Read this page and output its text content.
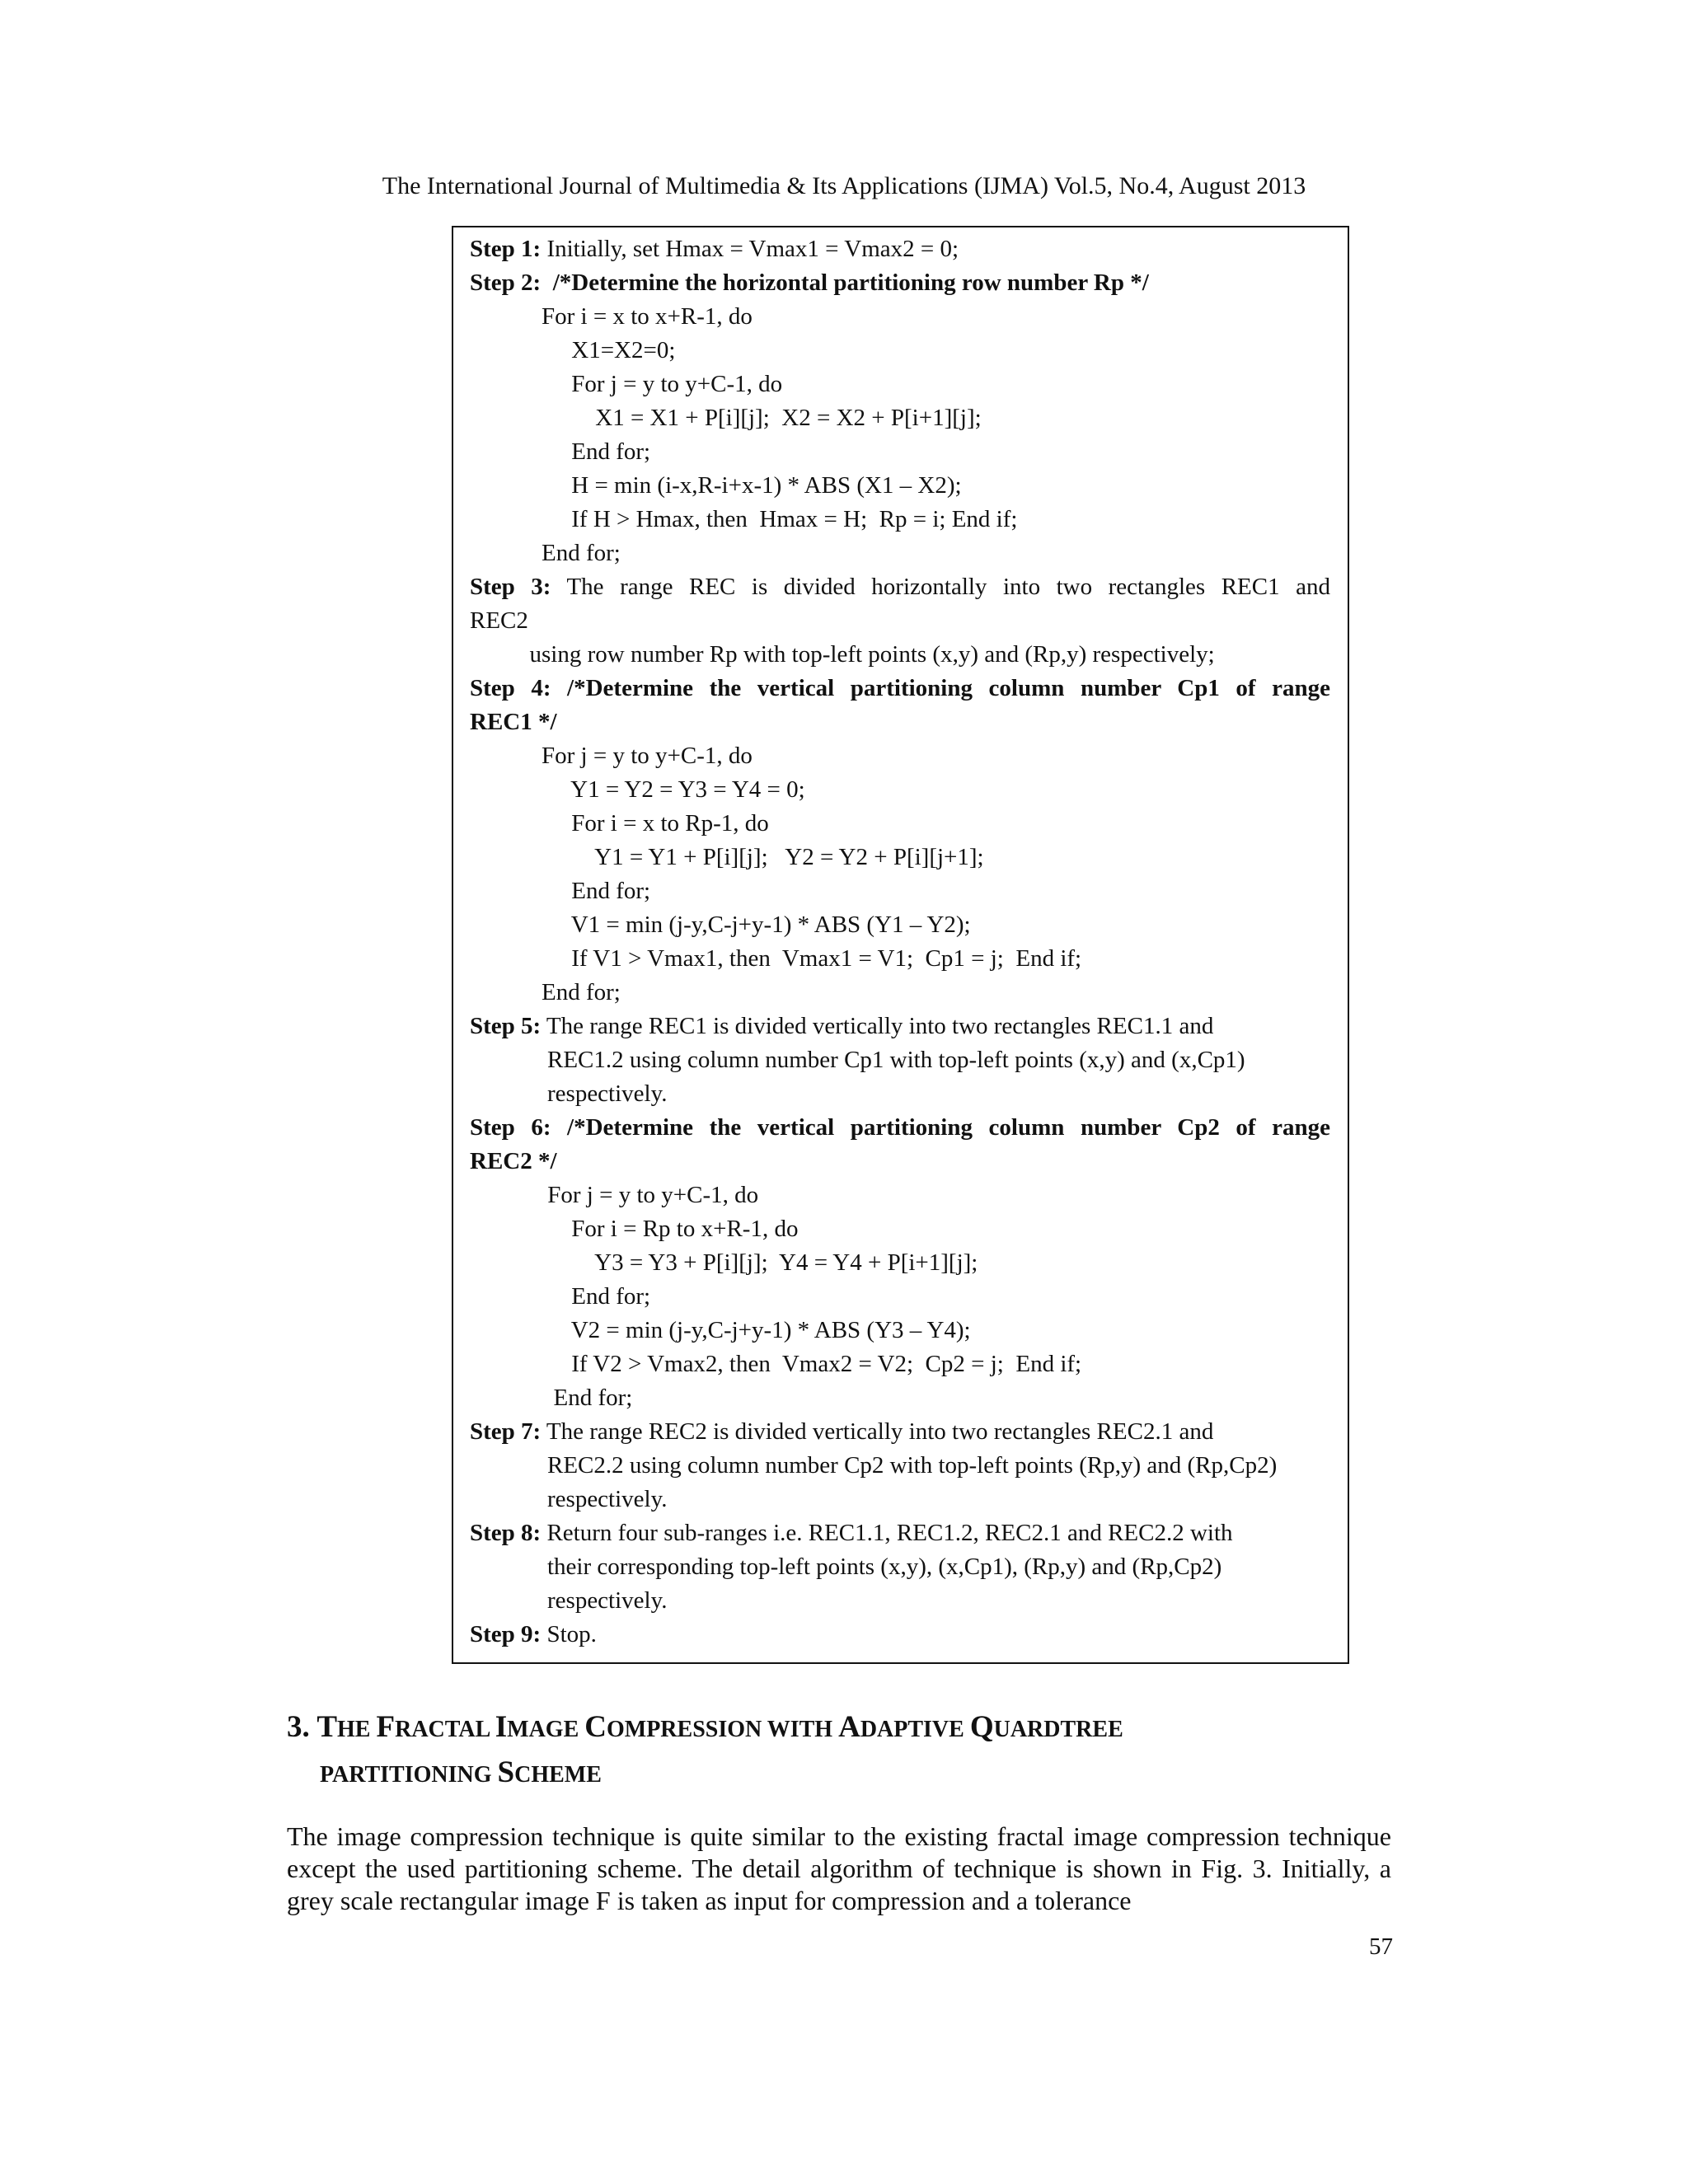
The International Journal of Multimedia & Its Applications (IJMA) Vol.5, No.4, August 2013
Step 1: Initially, set Hmax = Vmax1 = Vmax2 = 0;
Step 2:  /*Determine the horizontal partitioning row number Rp */
For i = x to x+R-1, do
X1=X2=0;
For j = y to y+C-1, do
X1 = X1 + P[i][j];  X2 = X2 + P[i+1][j];
End for;
H = min (i-x,R-i+x-1) * ABS (X1 – X2);
If H > Hmax, then  Hmax = H;  Rp = i; End if;
End for;
Step 3: The range REC is divided horizontally into two rectangles REC1 and
REC2
using row number Rp with top-left points (x,y) and (Rp,y) respectively;
Step 4: /*Determine the vertical partitioning column number Cp1 of range
REC1 */
For j = y to y+C-1, do
Y1 = Y2 = Y3 = Y4 = 0;
For i = x to Rp-1, do
Y1 = Y1 + P[i][j];   Y2 = Y2 + P[i][j+1];
End for;
V1 = min (j-y,C-j+y-1) * ABS (Y1 – Y2);
If V1 > Vmax1, then  Vmax1 = V1;  Cp1 = j;  End if;
End for;
Step 5: The range REC1 is divided vertically into two rectangles REC1.1 and
REC1.2 using column number Cp1 with top-left points (x,y) and (x,Cp1) respectively.
Step 6: /*Determine the vertical partitioning column number Cp2 of range
REC2 */
For j = y to y+C-1, do
For i = Rp to x+R-1, do
Y3 = Y3 + P[i][j];  Y4 = Y4 + P[i+1][j];
End for;
V2 = min (j-y,C-j+y-1) * ABS (Y3 – Y4);
If V2 > Vmax2, then  Vmax2 = V2;  Cp2 = j;  End if;
End for;
Step 7: The range REC2 is divided vertically into two rectangles REC2.1 and
REC2.2 using column number Cp2 with top-left points (Rp,y) and (Rp,Cp2) respectively.
Step 8: Return four sub-ranges i.e. REC1.1, REC1.2, REC2.1 and REC2.2 with
their corresponding top-left points (x,y), (x,Cp1), (Rp,y) and (Rp,Cp2) respectively.
Step 9: Stop.
3. THE FRACTAL IMAGE COMPRESSION WITH ADAPTIVE QUARDTREE
PARTITIONING SCHEME
The image compression technique is quite similar to the existing fractal image compression technique except the used partitioning scheme. The detail algorithm of technique is shown in Fig. 3. Initially, a grey scale rectangular image F is taken as input for compression and a tolerance
57
